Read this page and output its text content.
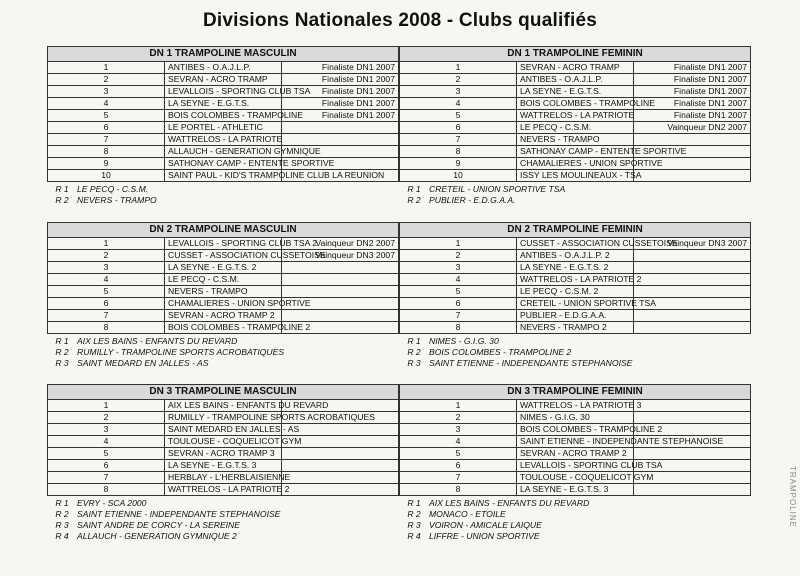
Divisions Nationales 2008 - Clubs qualifiés
DN 1 TRAMPOLINE MASCULIN		
1	ANTIBES - O.A.J.L.P.	Finaliste DN1 2007
2	SEVRAN - ACRO TRAMP	Finaliste DN1 2007
3	LEVALLOIS - SPORTING CLUB TSA	Finaliste DN1 2007
4	LA SEYNE - E.G.T.S.	Finaliste DN1 2007
5	BOIS COLOMBES - TRAMPOLINE	Finaliste DN1 2007
6	LE PORTEL - ATHLETIC	
7	WATTRELOS - LA PATRIOTE	
8	ALLAUCH - GENERATION GYMNIQUE	
9	SATHONAY CAMP - ENTENTE SPORTIVE	
10	SAINT PAUL - KID'S TRAMPOLINE CLUB LA REUNION	
R 1 LE PECQ - C.S.M.
R 2 NEVERS - TRAMPO
DN 1 TRAMPOLINE FEMININ		
1	SEVRAN - ACRO TRAMP	Finaliste DN1 2007
2	ANTIBES - O.A.J.L.P.	Finaliste DN1 2007
3	LA SEYNE - E.G.T.S.	Finaliste DN1 2007
4	BOIS COLOMBES - TRAMPOLINE	Finaliste DN1 2007
5	WATTRELOS - LA PATRIOTE	Finaliste DN1 2007
6	LE PECQ - C.S.M.	Vainqueur DN2 2007
7	NEVERS - TRAMPO	
8	SATHONAY CAMP - ENTENTE SPORTIVE	
9	CHAMALIERES - UNION SPORTIVE	
10	ISSY LES MOULINEAUX - TSA	
R 1 CRETEIL - UNION SPORTIVE TSA
R 2 PUBLIER - E.D.G.A.A.
DN 2 TRAMPOLINE MASCULIN		
1	LEVALLOIS - SPORTING CLUB TSA 2	Vainqueur DN2 2007
2	CUSSET - ASSOCIATION CUSSETOISE	Vainqueur DN3 2007
3	LA SEYNE - E.G.T.S. 2	
4	LE PECQ - C.S.M.	
5	NEVERS - TRAMPO	
6	CHAMALIERES - UNION SPORTIVE	
7	SEVRAN - ACRO TRAMP 2	
8	BOIS COLOMBES - TRAMPOLINE 2	
R 1 AIX LES BAINS - ENFANTS DU REVARD
R 2 RUMILLY - TRAMPOLINE SPORTS ACROBATIQUES
R 3 SAINT MEDARD EN JALLES - AS
DN 2 TRAMPOLINE FEMININ		
1	CUSSET - ASSOCIATION CUSSETOISE	Vainqueur DN3 2007
2	ANTIBES - O.A.J.L.P. 2	
3	LA SEYNE - E.G.T.S. 2	
4	WATTRELOS - LA PATRIOTE 2	
5	LE PECQ - C.S.M. 2	
6	CRETEIL - UNION SPORTIVE TSA	
7	PUBLIER - E.D.G.A.A.	
8	NEVERS - TRAMPO 2	
R 1 NIMES - G.I.G. 30
R 2 BOIS COLOMBES - TRAMPOLINE 2
R 3 SAINT ETIENNE - INDEPENDANTE STEPHANOISE
DN 3 TRAMPOLINE MASCULIN		
1	AIX LES BAINS - ENFANTS DU REVARD	
2	RUMILLY - TRAMPOLINE SPORTS ACROBATIQUES	
3	SAINT MEDARD EN JALLES - AS	
4	TOULOUSE - COQUELICOT GYM	
5	SEVRAN - ACRO TRAMP 3	
6	LA SEYNE - E.G.T.S. 3	
7	HERBLAY - L'HERBLAISIENNE	
8	WATTRELOS - LA PATRIOTE 2	
R 1 EVRY - SCA 2000
R 2 SAINT ETIENNE - INDEPENDANTE STEPHANOISE
R 3 SAINT ANDRE DE CORCY - LA SEREINE
R 4 ALLAUCH - GENERATION GYMNIQUE 2
DN 3 TRAMPOLINE FEMININ		
1	WATTRELOS - LA PATRIOTE 3	
2	NIMES - G.I.G. 30	
3	BOIS COLOMBES - TRAMPOLINE 2	
4	SAINT ETIENNE - INDEPENDANTE STEPHANOISE	
5	SEVRAN - ACRO TRAMP 2	
6	LEVALLOIS - SPORTING CLUB TSA	
7	TOULOUSE - COQUELICOT GYM	
8	LA SEYNE - E.G.T.S. 3	
R 1 AIX LES BAINS - ENFANTS DU REVARD
R 2 MONACO - ETOILE
R 3 VOIRON - AMICALE LAIQUE
R 4 LIFFRE - UNION SPORTIVE
TRAMPOLINE
